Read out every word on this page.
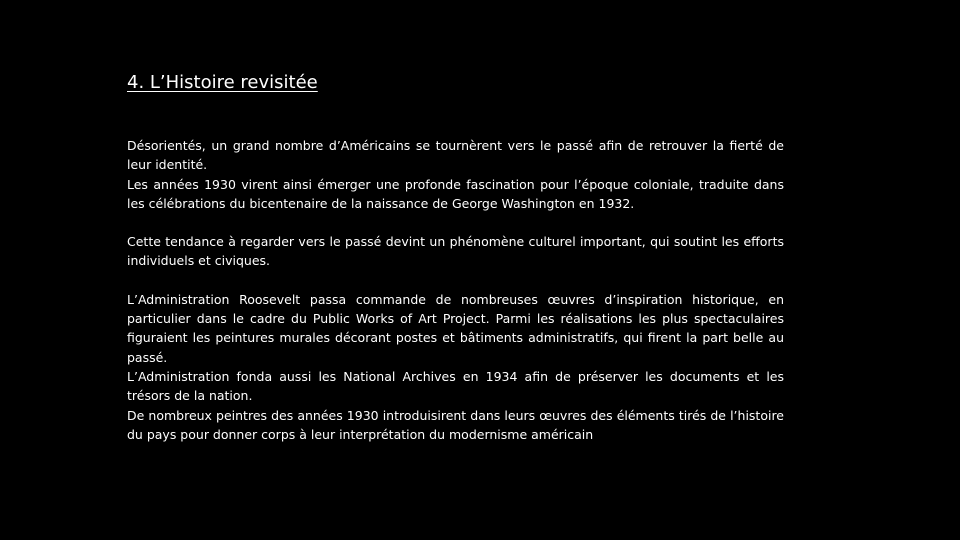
4. L’Histoire revisitée
Désorientés, un grand nombre d’Américains se tournèrent vers le passé afin de retrouver la fierté de leur identité.
Les années 1930 virent ainsi émerger une profonde fascination pour l’époque coloniale, traduite dans les célébrations du bicentenaire de la naissance de George Washington en 1932.
Cette tendance à regarder vers le passé devint un phénomène culturel important, qui soutint les efforts individuels et civiques.
L’Administration Roosevelt passa commande de nombreuses œuvres d’inspiration historique, en particulier dans le cadre du Public Works of Art Project. Parmi les réalisations les plus spectaculaires figuraient les peintures murales décorant postes et bâtiments administratifs, qui firent la part belle au passé.
L’Administration fonda aussi les National Archives en 1934 afin de préserver les documents et les trésors de la nation.
De nombreux peintres des années 1930 introduisirent dans leurs œuvres des éléments tirés de l’histoire du pays pour donner corps à leur interprétation du modernisme américain
